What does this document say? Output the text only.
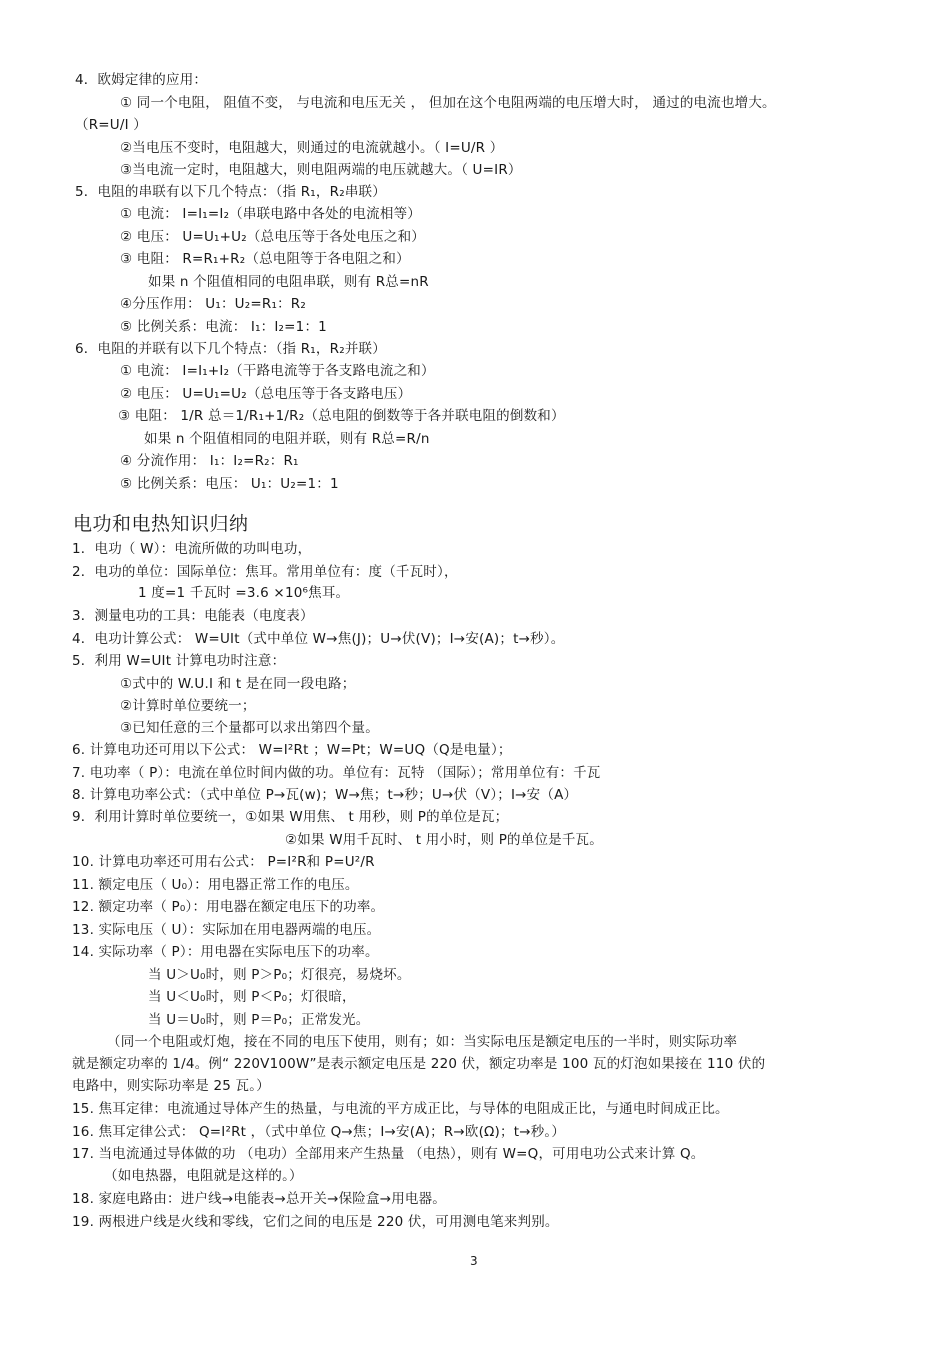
4．欧姆定律的应用：
① 同一个电阻， 阻值不变， 与电流和电压无关 ， 但加在这个电阻两端的电压增大时， 通过的电流也增大。
（R=U/I ）
②当电压不变时，电阻越大，则通过的电流就越小。（ I=U/R ）
③当电流一定时，电阻越大，则电阻两端的电压就越大。（ U=IR）
5．电阻的串联有以下几个特点：（指 R₁，R₂串联）
① 电流： I=I₁=I₂（串联电路中各处的电流相等）
② 电压： U=U₁+U₂（总电压等于各处电压之和）
③ 电阻： R=R₁+R₂（总电阻等于各电阻之和）
如果 n 个阻值相同的电阻串联，则有 R总=nR
④分压作用： U₁：U₂=R₁：R₂
⑤ 比例关系：电流： I₁：I₂=1：1
6．电阻的并联有以下几个特点：（指 R₁，R₂并联）
① 电流： I=I₁+I₂（干路电流等于各支路电流之和）
② 电压： U=U₁=U₂（总电压等于各支路电压）
③ 电阻： 1/R 总＝1/R₁+1/R₂（总电阻的倒数等于各并联电阻的倒数和）
如果 n 个阻值相同的电阻并联，则有 R总=R/n
④ 分流作用： I₁：I₂=R₂：R₁
⑤ 比例关系：电压： U₁：U₂=1：1
电功和电热知识归纳
1．电功（ W）：电流所做的功叫电功，
2．电功的单位：国际单位：焦耳。常用单位有：度（千瓦时），
1 度=1 千瓦时 =3.6 ×10⁶焦耳。
3．测量电功的工具：电能表（电度表）
4．电功计算公式： W=UIt（式中单位 W→焦(J)；U→伏(V)；I→安(A)；t→秒）。
5．利用 W=UIt 计算电功时注意：
①式中的 W.U.I 和 t 是在同一段电路；
②计算时单位要统一；
③已知任意的三个量都可以求出第四个量。
6. 计算电功还可用以下公式： W=I²Rt ；W=Pt；W=UQ（Q是电量）；
7. 电功率（ P）：电流在单位时间内做的功。单位有：瓦特 （国际）；常用单位有：千瓦
8. 计算电功率公式：（式中单位 P→瓦(w)；W→焦；t→秒；U→伏（V）；I→安（A）
9．利用计算时单位要统一，①如果 W用焦、 t 用秒，则 P的单位是瓦；
②如果 W用千瓦时、 t 用小时，则 P的单位是千瓦。
10. 计算电功率还可用右公式： P=I²R和 P=U²/R
11. 额定电压（ U₀）：用电器正常工作的电压。
12. 额定功率（ P₀）：用电器在额定电压下的功率。
13. 实际电压（ U）：实际加在用电器两端的电压。
14. 实际功率（ P）：用电器在实际电压下的功率。
当 U＞U₀时，则 P＞P₀；灯很亮，易烧坏。
当 U＜U₀时，则 P＜P₀；灯很暗，
当 U＝U₀时，则 P＝P₀；正常发光。
（同一个电阻或灯炮，接在不同的电压下使用，则有；如：当实际电压是额定电压的一半时，则实际功率
就是额定功率的 1/4。例“ 220V100W”是表示额定电压是 220 伏，额定功率是 100 瓦的灯泡如果接在 110 伏的
电路中，则实际功率是 25 瓦。）
15. 焦耳定律：电流通过导体产生的热量，与电流的平方成正比，与导体的电阻成正比，与通电时间成正比。
16. 焦耳定律公式： Q=I²Rt ，（式中单位 Q→焦；I→安(A)；R→欧(Ω)；t→秒。）
17. 当电流通过导体做的功 （电功）全部用来产生热量 （电热），则有 W=Q，可用电功公式来计算 Q。
（如电热器，电阻就是这样的。）
18. 家庭电路由：进户线→电能表→总开关→保险盒→用电器。
19. 两根进户线是火线和零线，它们之间的电压是 220 伏，可用测电笔来判别。
3
